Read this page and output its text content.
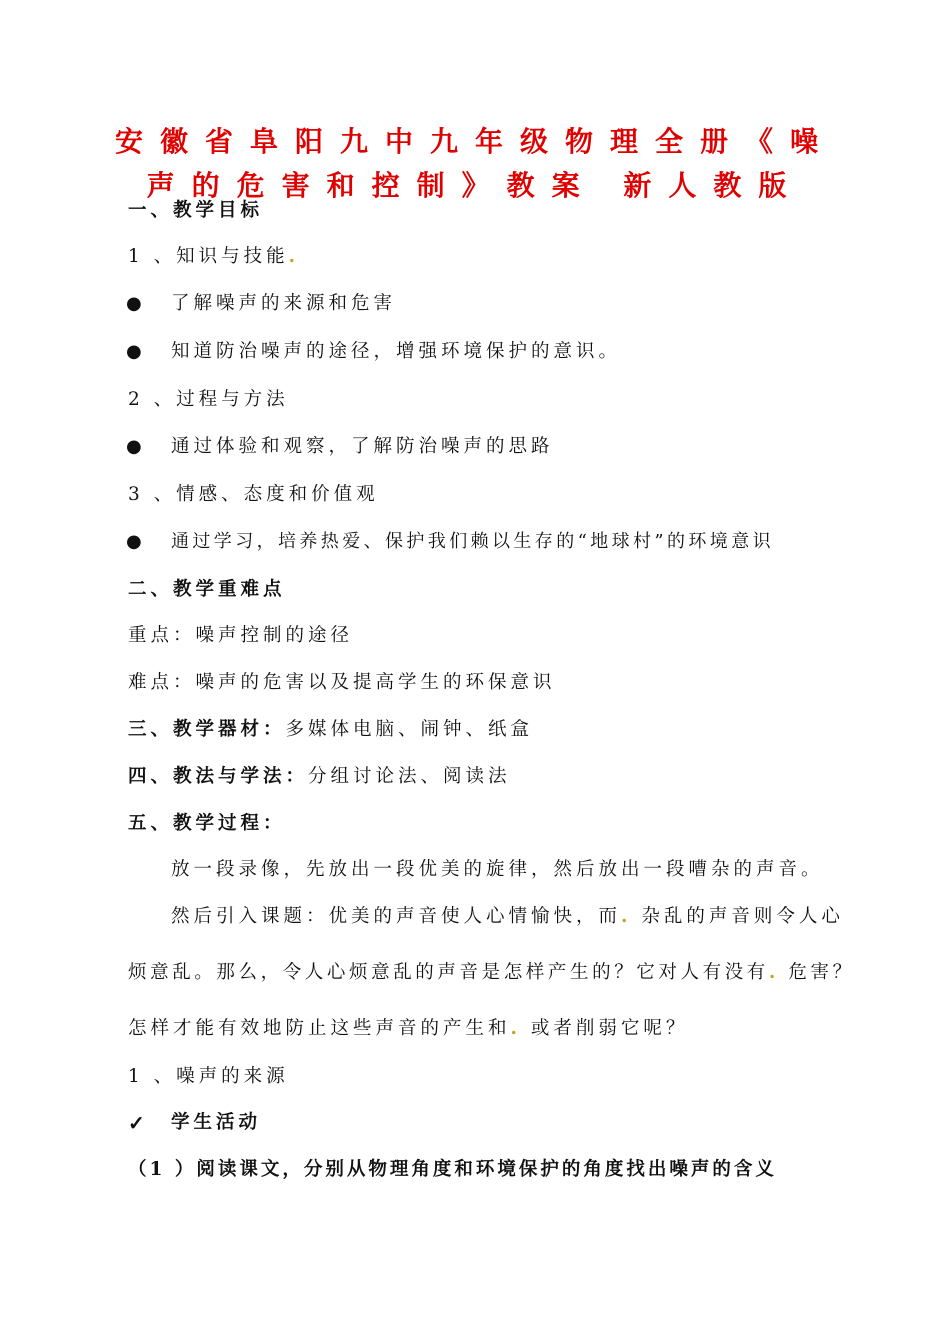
安徽省阜阳九中九年级物理全册《噪
声的危害和控制》教案 新人教版
一、教学目标
1 、知识与技能.
● 了解噪声的来源和危害
● 知道防治噪声的途径，增强环境保护的意识。
2 、过程与方法
● 通过体验和观察，了解防治噪声的思路
3 、情感、态度和价值观
● 通过学习，培养热爱、保护我们赖以生存的“地球村”的环境意识
二、教学重难点
重点：噪声控制的途径
难点：噪声的危害以及提高学生的环保意识
三、教学器材：多媒体电脑、闹钟、纸盒
四、教法与学法：分组讨论法、阅读法
五、教学过程：
放一段录像，先放出一段优美的旋律，然后放出一段嘈杂的声音。
然后引入课题：优美的声音使人心情愉快，而. 杂乱的声音则令人心
烦意乱。那么，令人心烦意乱的声音是怎样产生的？它对人有没有. 危害？
怎样才能有效地防止这些声音的产生和. 或者削弱它呢？
1 、噪声的来源
✓ 学生活动
（1 ）阅读课文，分别从物理角度和环境保护的角度找出噪声的含义
